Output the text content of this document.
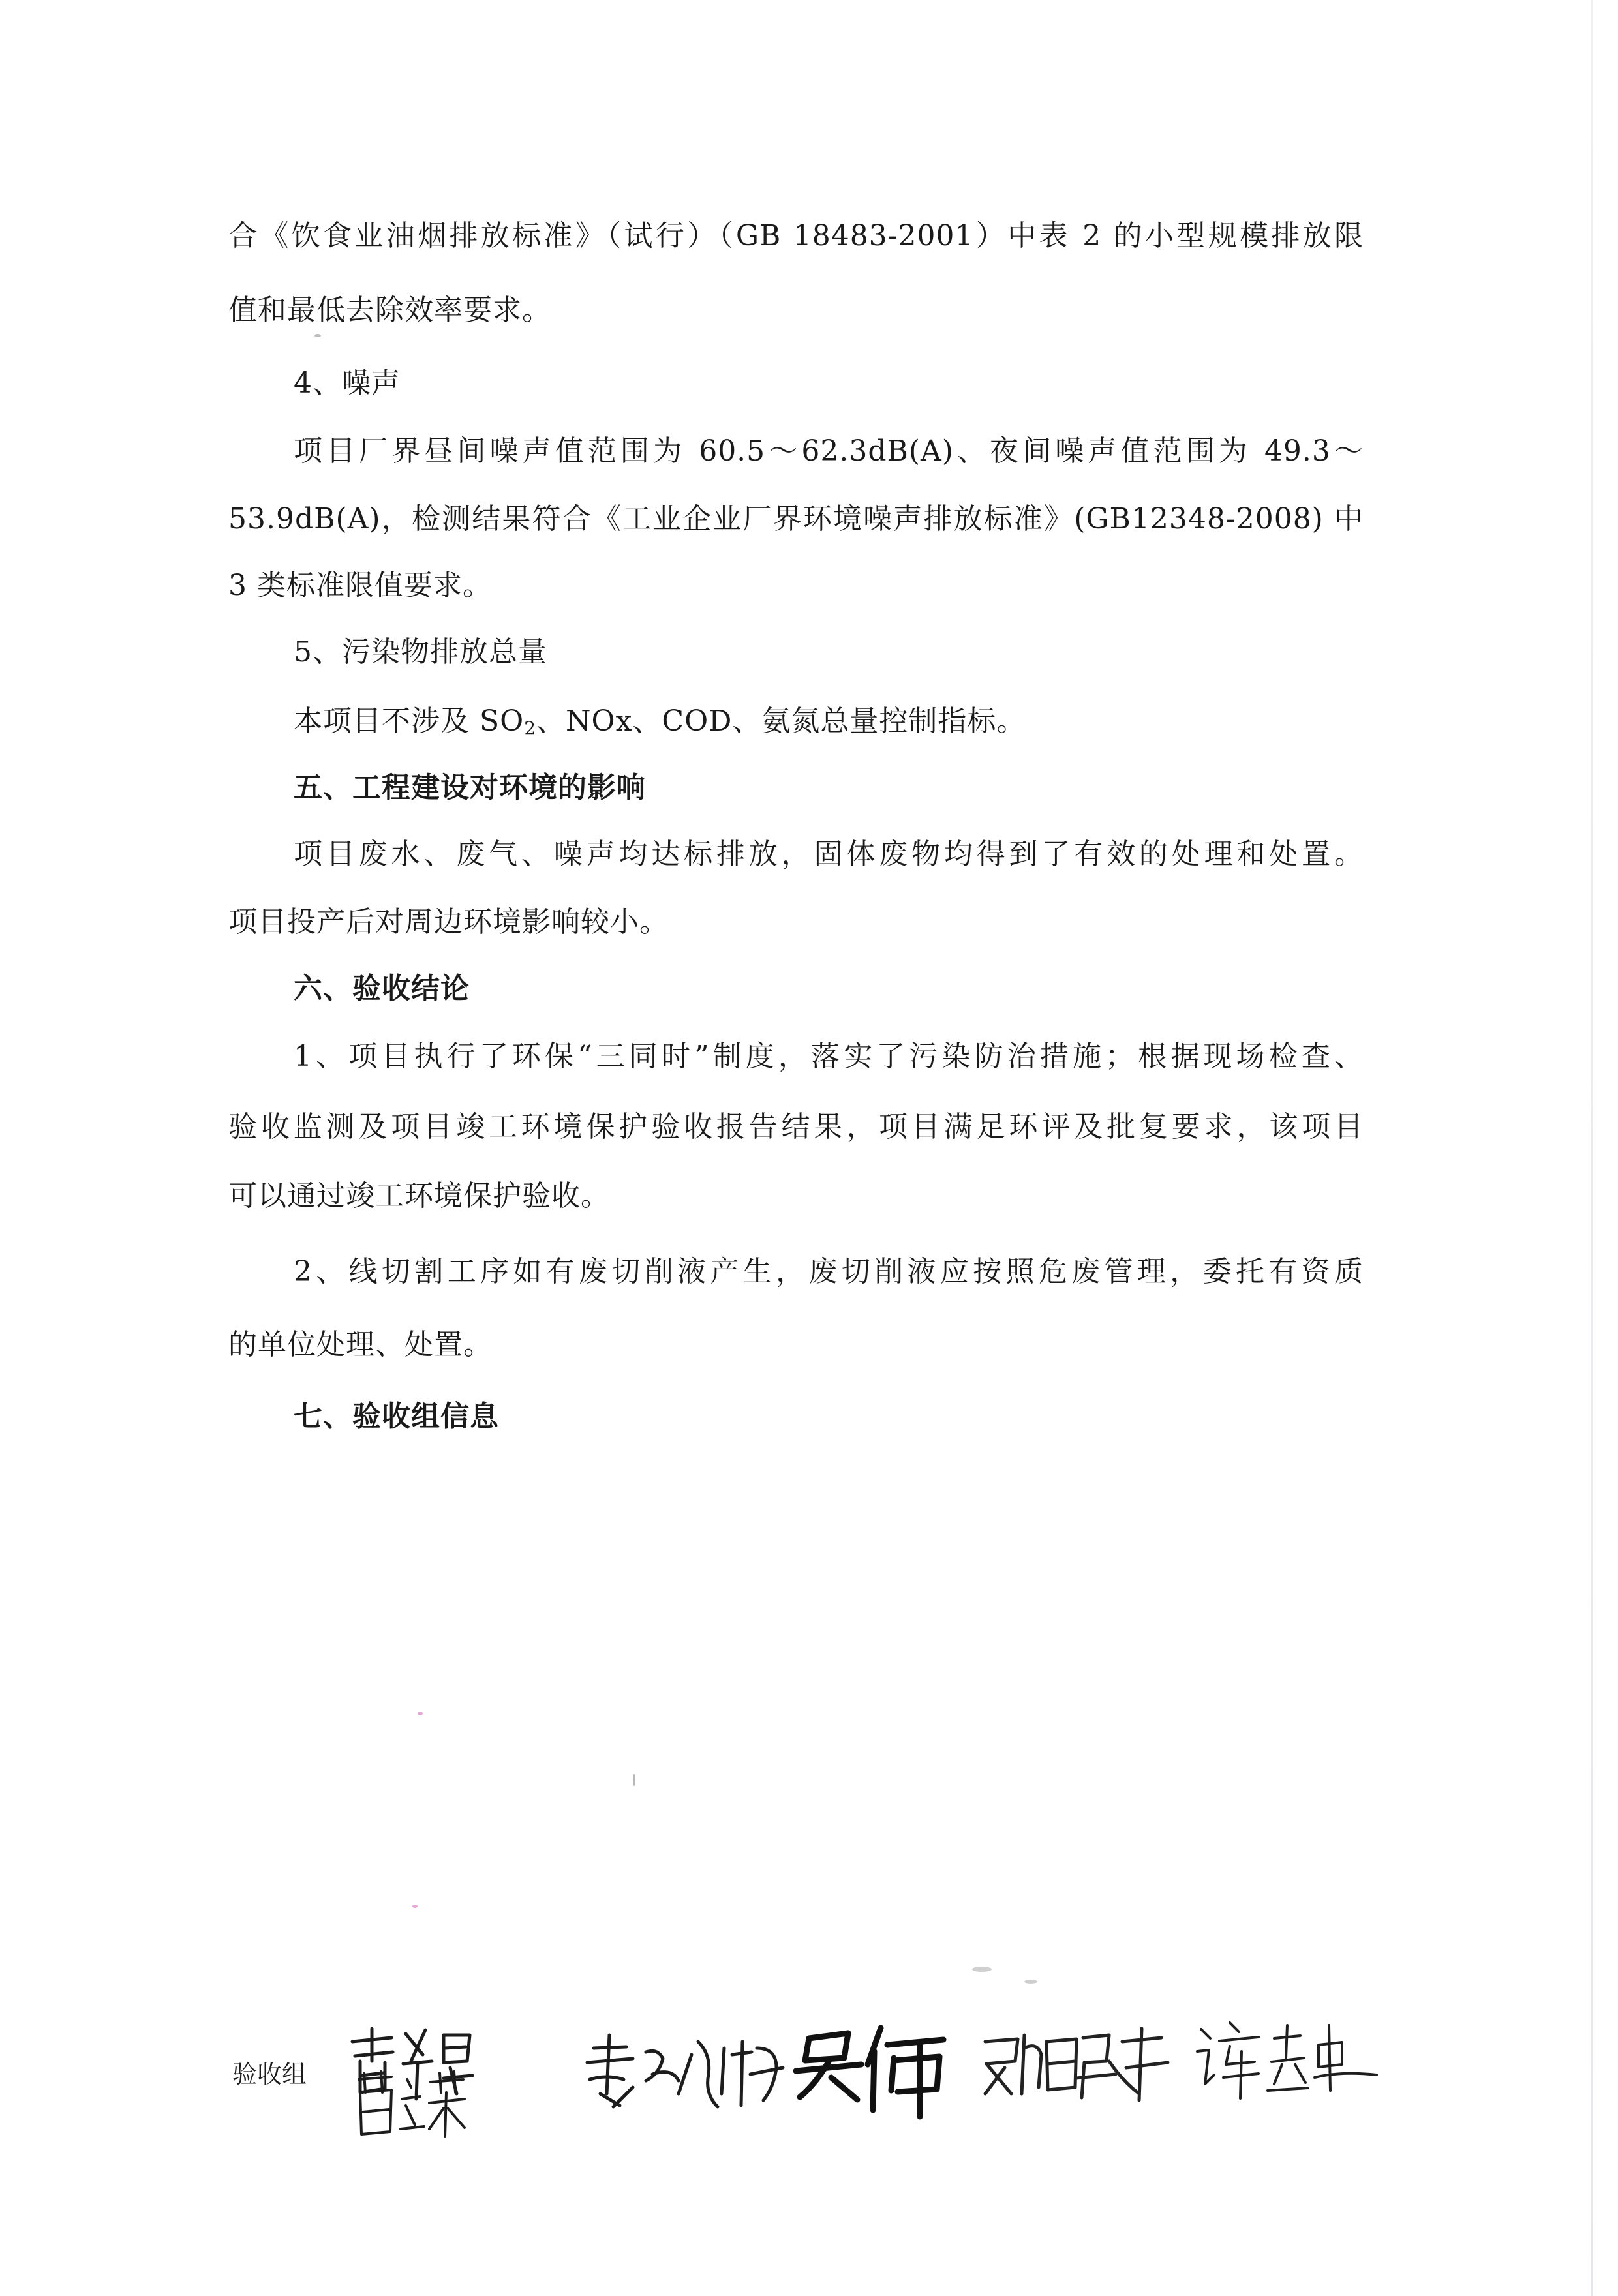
合《饮食业油烟排放标准》（试行）（GB 18483-2001）中表 2 的小型规模排放限
值和最低去除效率要求。
4、噪声
项目厂界昼间噪声值范围为 60.5～62.3dB(A)、夜间噪声值范围为 49.3～
53.9dB(A)，检测结果符合《工业企业厂界环境噪声排放标准》(GB12348-2008) 中
3 类标准限值要求。
5、污染物排放总量
本项目不涉及 $SO_2$、NOx、COD、氨氮总量控制指标。
五、工程建设对环境的影响
项目废水、废气、噪声均达标排放，固体废物均得到了有效的处理和处置。
项目投产后对周边环境影响较小。
六、验收结论
1、项目执行了环保“三同时”制度，落实了污染防治措施；根据现场检查、
验收监测及项目竣工环境保护验收报告结果，项目满足环评及批复要求，该项目
可以通过竣工环境保护验收。
2、线切割工序如有废切削液产生，废切削液应按照危废管理，委托有资质
的单位处理、处置。
七、验收组信息
验收组
